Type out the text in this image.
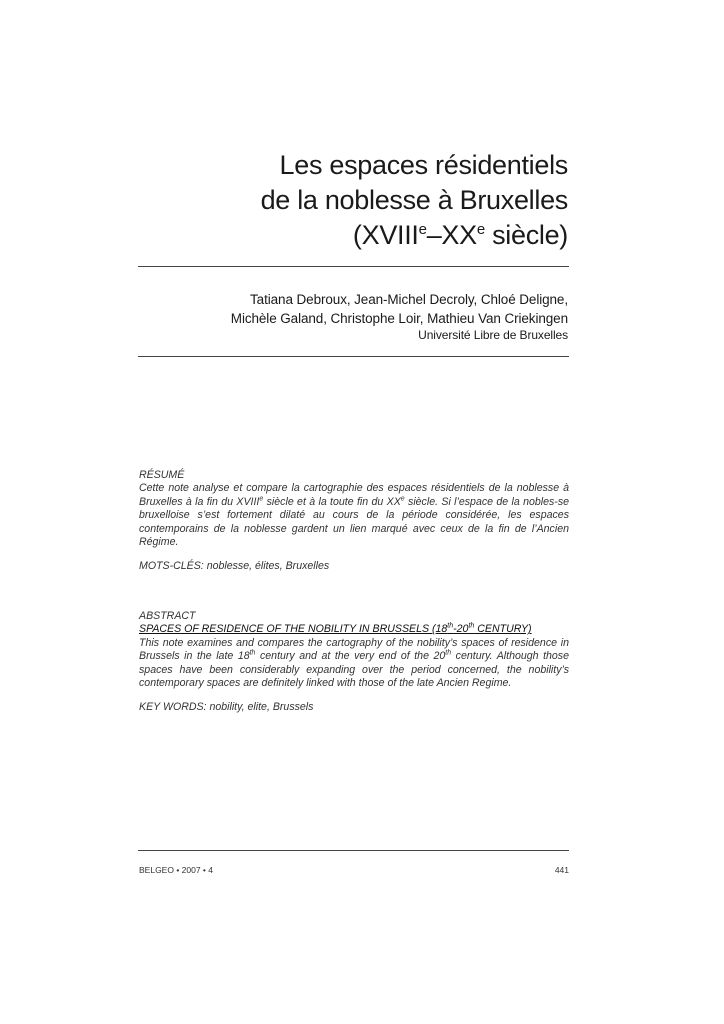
Les espaces résidentiels
de la noblesse à Bruxelles
(XVIIIe–XXe siècle)
Tatiana Debroux, Jean-Michel Decroly, Chloé Deligne,
Michèle Galand, Christophe Loir, Mathieu Van Criekingen
Université Libre de Bruxelles
RÉSUMÉ
Cette note analyse et compare la cartographie des espaces résidentiels de la noblesse à Bruxelles à la fin du XVIIIe siècle et à la toute fin du XXe siècle. Si l’espace de la nobles-se bruxelloise s’est fortement dilaté au cours de la période considérée, les espaces contemporains de la noblesse gardent un lien marqué avec ceux de la fin de l’Ancien Régime.
MOTS-CLÉS: noblesse, élites, Bruxelles
ABSTRACT
SPACES OF RESIDENCE OF THE NOBILITY IN BRUSSELS (18th-20th CENTURY)
This note examines and compares the cartography of the nobility’s spaces of residence in Brussels in the late 18th century and at the very end of the 20th century. Although those spaces have been considerably expanding over the period concerned, the nobility’s contemporary spaces are definitely linked with those of the late Ancien Regime.
KEY WORDS: nobility, elite, Brussels
BELGEO • 2007 • 4	441
